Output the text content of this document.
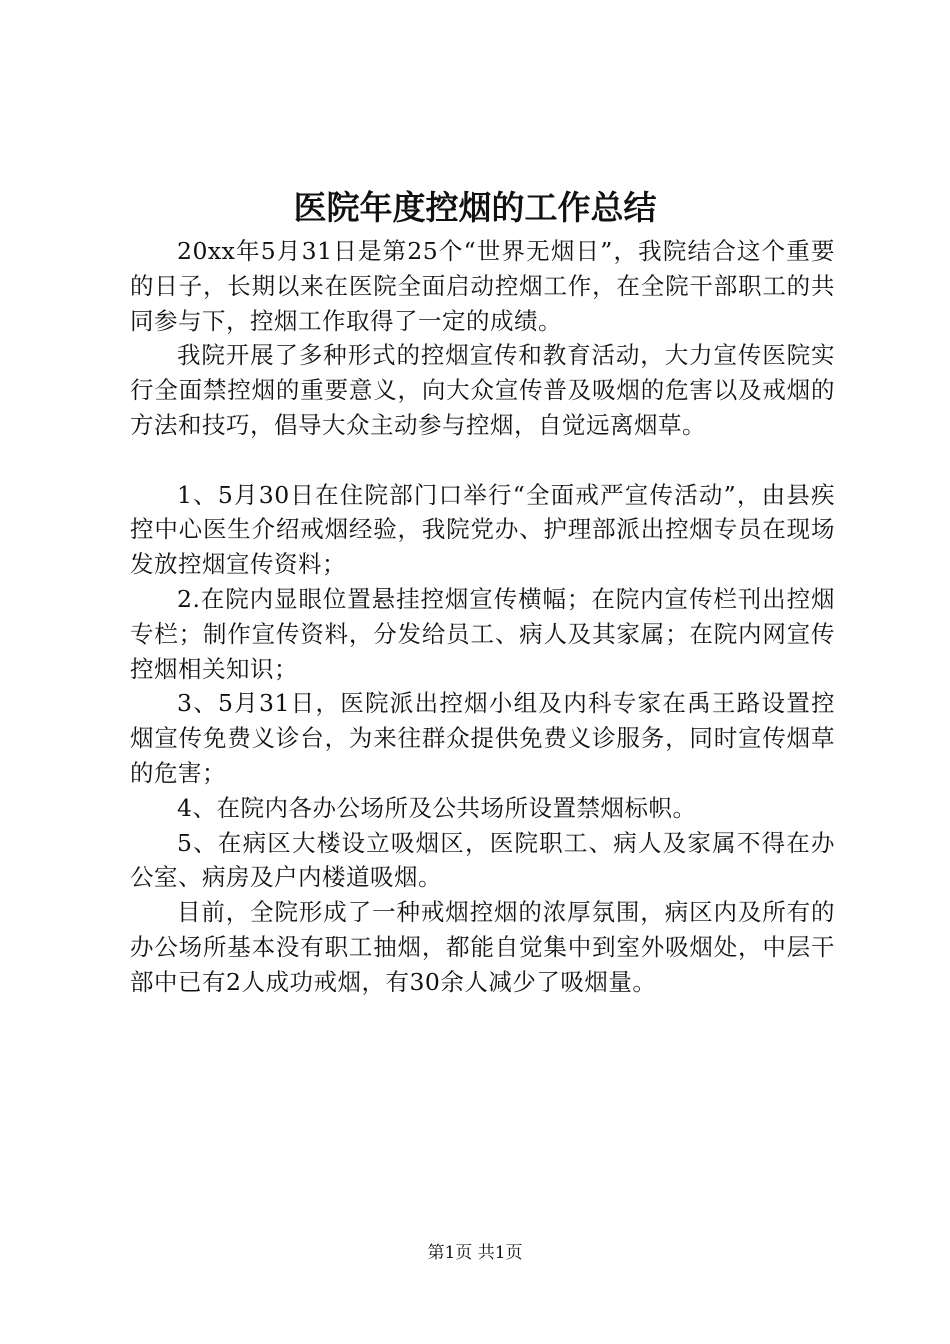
医院年度控烟的工作总结

20xx年5月31日是第25个“世界无烟日”，我院结合这个重要的日子，长期以来在医院全面启动控烟工作，在全院干部职工的共同参与下，控烟工作取得了一定的成绩。

我院开展了多种形式的控烟宣传和教育活动，大力宣传医院实行全面禁控烟的重要意义，向大众宣传普及吸烟的危害以及戒烟的方法和技巧，倡导大众主动参与控烟，自觉远离烟草。

1、5月30日在住院部门口举行“全面戒严宣传活动”，由县疾控中心医生介绍戒烟经验，我院党办、护理部派出控烟专员在现场发放控烟宣传资料；

2.在院内显眼位置悬挂控烟宣传横幅；在院内宣传栏刊出控烟专栏；制作宣传资料，分发给员工、病人及其家属；在院内网宣传控烟相关知识；

3、5月31日，医院派出控烟小组及内科专家在禹王路设置控烟宣传免费义诊台，为来往群众提供免费义诊服务，同时宣传烟草的危害；

4、在院内各办公场所及公共场所设置禁烟标帜。

5、在病区大楼设立吸烟区，医院职工、病人及家属不得在办公室、病房及户内楼道吸烟。

目前，全院形成了一种戒烟控烟的浓厚氛围，病区内及所有的办公场所基本没有职工抽烟，都能自觉集中到室外吸烟处，中层干部中已有2人成功戒烟，有30余人减少了吸烟量。

第1页 共1页
